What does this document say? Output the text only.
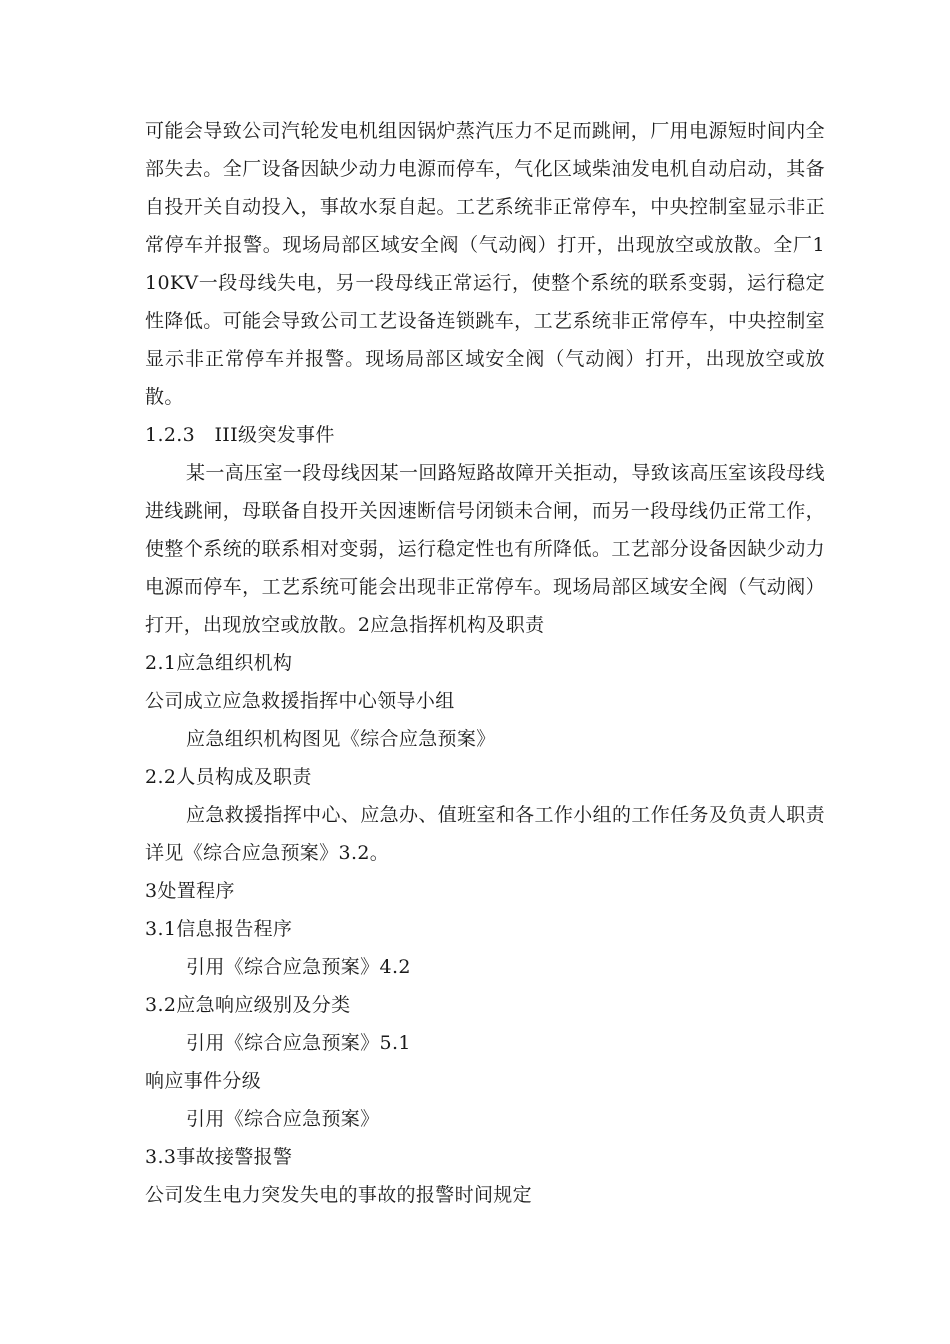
可能会导致公司汽轮发电机组因锅炉蒸汽压力不足而跳闸，厂用电源短时间内全部失去。全厂设备因缺少动力电源而停车，气化区域柴油发电机自动启动，其备自投开关自动投入，事故水泵自起。工艺系统非正常停车，中央控制室显示非正常停车并报警。现场局部区域安全阀（气动阀）打开，出现放空或放散。全厂110KV一段母线失电，另一段母线正常运行，使整个系统的联系变弱，运行稳定性降低。可能会导致公司工艺设备连锁跳车，工艺系统非正常停车，中央控制室显示非正常停车并报警。现场局部区域安全阀（气动阀）打开，出现放空或放散。

1.2.3　III级突发事件

某一高压室一段母线因某一回路短路故障开关拒动，导致该高压室该段母线进线跳闸，母联备自投开关因速断信号闭锁未合闸，而另一段母线仍正常工作，使整个系统的联系相对变弱，运行稳定性也有所降低。工艺部分设备因缺少动力电源而停车，工艺系统可能会出现非正常停车。现场局部区域安全阀（气动阀）打开，出现放空或放散。2应急指挥机构及职责

2.1应急组织机构

公司成立应急救援指挥中心领导小组

应急组织机构图见《综合应急预案》

2.2人员构成及职责

应急救援指挥中心、应急办、值班室和各工作小组的工作任务及负责人职责详见《综合应急预案》3.2。

3处置程序

3.1信息报告程序

引用《综合应急预案》4.2

3.2应急响应级别及分类

引用《综合应急预案》5.1

响应事件分级

引用《综合应急预案》

3.3事故接警报警

公司发生电力突发失电的事故的报警时间规定
